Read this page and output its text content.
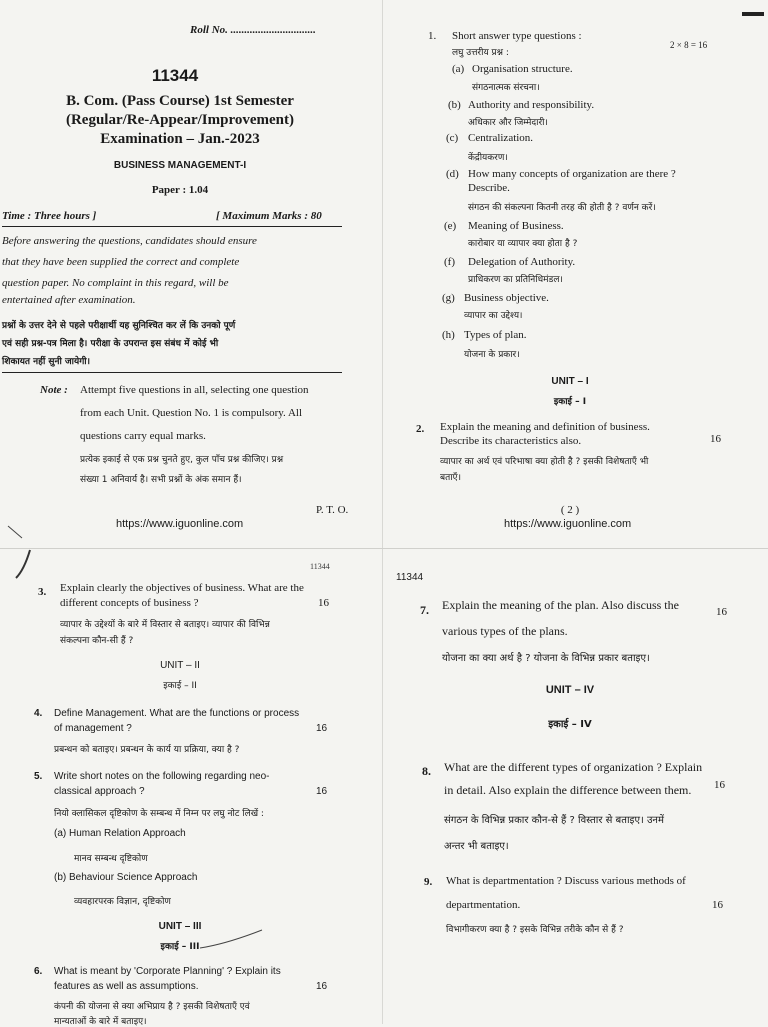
Roll No. ...............................
11344
B. Com. (Pass Course) 1st Semester
(Regular/Re-Appear/Improvement)
Examination – Jan.-2023
BUSINESS MANAGEMENT-I
Paper : 1.04
Time : Three hours ]	[ Maximum Marks : 80
Before answering the questions, candidates should ensure
that they have been supplied the correct and complete
question paper. No complaint in this regard, will be
entertained after examination.
प्रश्नों के उत्तर देने से पहले परीक्षार्थी यह सुनिश्चित कर लें कि उनको पूर्ण
एवं सही प्रश्न-पत्र मिला है। परीक्षा के उपरान्त इस संबंध में कोई भी
शिकायत नहीं सुनी जायेगी।
Note : Attempt five questions in all, selecting one question
from each Unit. Question No. 1 is compulsory. All
questions carry equal marks.
प्रत्येक इकाई से एक प्रश्न चुनते हुए, कुल पाँच प्रश्न कीजिए। प्रश्न
संख्या 1 अनिवार्य है। सभी प्रश्नों के अंक समान हैं।
P. T. O.
https://www.iguonline.com
1. Short answer type questions :
2 × 8 = 16
लघु उत्तरीय प्रश्न :
(a) Organisation structure.
संगठनात्मक संरचना।
(b) Authority and responsibility.
अधिकार और जिम्मेदारी।
(c) Centralization.
केंद्रीयकरण।
(d) How many concepts of organization are there ?
Describe.
संगठन की संकल्पना कितनी तरह की होती है ? वर्णन करें।
(e) Meaning of Business.
कारोबार या व्यापार क्या होता है ?
(f) Delegation of Authority.
प्राधिकरण का प्रतिनिधिमंडल।
(g) Business objective.
व्यापार का उद्देश्य।
(h) Types of plan.
योजना के प्रकार।
UNIT – I
इकाई – I
2. Explain the meaning and definition of business.
Describe its characteristics also.	16
व्यापार का अर्थ एवं परिभाषा क्या होती है ? इसकी विशेषताएँ भी
बताएँ।
( 2 )
https://www.iguonline.com
11344
3. Explain clearly the objectives of business. What are the
different concepts of business ?	16
व्यापार के उद्देश्यों के बारे में विस्तार से बताइए। व्यापार की विभिन्न
संकल्पना कौन-सी हैं ?
UNIT – II
इकाई – II
4. Define Management. What are the functions or process
of management ?	16
प्रबन्धन को बताइए। प्रबन्धन के कार्य या प्रक्रिया, क्या है ?
5. Write short notes on the following regarding neo-
classical approach ?	16
नियो क्लासिकल दृष्टिकोण के सम्बन्ध में निम्न पर लघु नोट लिखें :
(a) Human Relation Approach
मानव सम्बन्ध दृष्टिकोण
(b) Behaviour Science Approach
व्यवहारपरक विज्ञान, दृष्टिकोण
UNIT – III
इकाई – III
6. What is meant by 'Corporate Planning' ? Explain its
features as well as assumptions.	16
कंपनी की योजना से क्या अभिप्राय है ? इसकी विशेषताएँ एवं
मान्यताओं के बारे में बताइए।
11344
7. Explain the meaning of the plan. Also discuss the
various types of the plans.
16
योजना का क्या अर्थ है ? योजना के विभिन्न प्रकार बताइए।
UNIT – IV
इकाई – IV
8. What are the different types of organization ? Explain
in detail. Also explain the difference between them. 16
संगठन के विभिन्न प्रकार कौन-से हैं ? विस्तार से बताइए। उनमें
अन्तर भी बताइए।
9. What is departmentation ? Discuss various methods of
departmentation.	16
विभागीकरण क्या है ? इसके विभिन्न तरीके कौन से हैं ?
